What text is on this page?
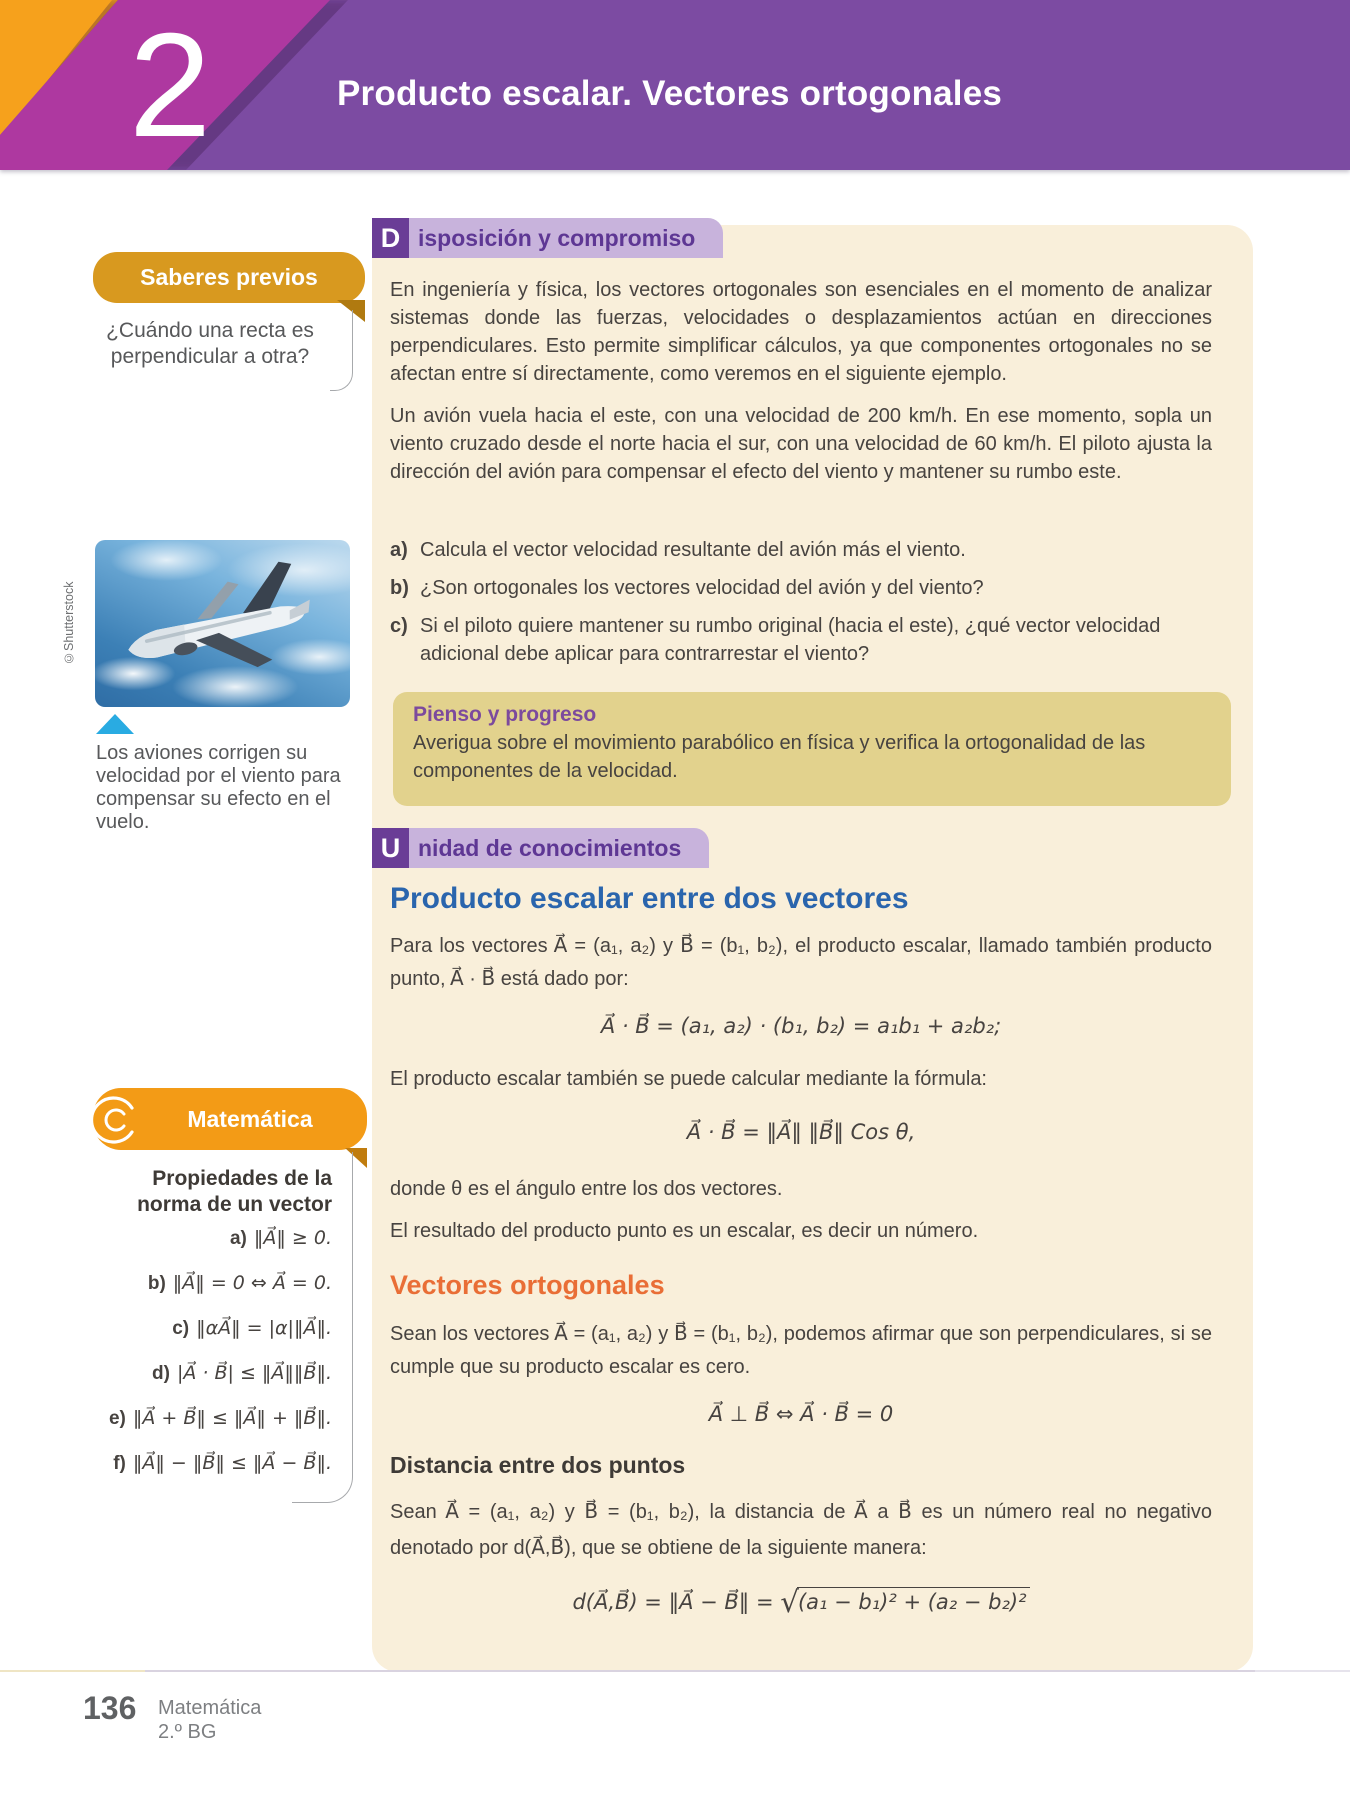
2	Producto escalar. Vectores ortogonales
D isposición y compromiso
En ingeniería y física, los vectores ortogonales son esenciales en el momento de analizar sistemas donde las fuerzas, velocidades o desplazamientos actúan en direcciones perpendiculares. Esto permite simplificar cálculos, ya que componentes ortogonales no se afectan entre sí directamente, como veremos en el siguiente ejemplo.
Un avión vuela hacia el este, con una velocidad de 200 km/h. En ese momento, sopla un viento cruzado desde el norte hacia el sur, con una velocidad de 60 km/h. El piloto ajusta la dirección del avión para compensar el efecto del viento y mantener su rumbo este.
a) Calcula el vector velocidad resultante del avión más el viento.
b) ¿Son ortogonales los vectores velocidad del avión y del viento?
c) Si el piloto quiere mantener su rumbo original (hacia el este), ¿qué vector velocidad adicional debe aplicar para contrarrestar el viento?
Pienso y progreso
Averigua sobre el movimiento parabólico en física y verifica la ortogonalidad de las componentes de la velocidad.
U nidad de conocimientos
Producto escalar entre dos vectores
Para los vectores A⃗ = (a₁, a₂) y B⃗ = (b₁, b₂), el producto escalar, llamado también producto punto, A⃗ · B⃗ está dado por:
A⃗ · B⃗ = (a₁, a₂) · (b₁, b₂) = a₁b₁ + a₂b₂;
El producto escalar también se puede calcular mediante la fórmula:
A⃗ · B⃗ = ‖A⃗‖ ‖B⃗‖ Cos θ,
donde θ es el ángulo entre los dos vectores.
El resultado del producto punto es un escalar, es decir un número.
Vectores ortogonales
Sean los vectores A⃗ = (a₁, a₂) y B⃗ = (b₁, b₂), podemos afirmar que son perpendiculares, si se cumple que su producto escalar es cero.
A⃗ ⊥ B⃗ ⇔ A⃗ · B⃗ = 0
Distancia entre dos puntos
Sean A⃗ = (a₁, a₂) y B⃗ = (b₁, b₂), la distancia de A⃗ a B⃗ es un número real no negativo denotado por d(A⃗,B⃗), que se obtiene de la siguiente manera:
d(A⃗,B⃗) = ‖A⃗ − B⃗‖ = √(a₁ − b₁)² + (a₂ − b₂)²
Saberes previos
¿Cuándo una recta es perpendicular a otra?
©Shutterstock
Los aviones corrigen su velocidad por el viento para compensar su efecto en el vuelo.
Matemática
Propiedades de la norma de un vector
a) ‖A⃗‖ ≥ 0.
b) ‖A⃗‖ = 0 ⇔ A⃗ = 0.
c) ‖αA⃗‖ = |α|‖A⃗‖.
d) |A⃗ · B⃗| ≤ ‖A⃗‖‖B⃗‖.
e) ‖A⃗ + B⃗‖ ≤ ‖A⃗‖ + ‖B⃗‖.
f) ‖A⃗‖ − ‖B⃗‖ ≤ ‖A⃗ − B⃗‖.
136 Matemática
2.º BG
